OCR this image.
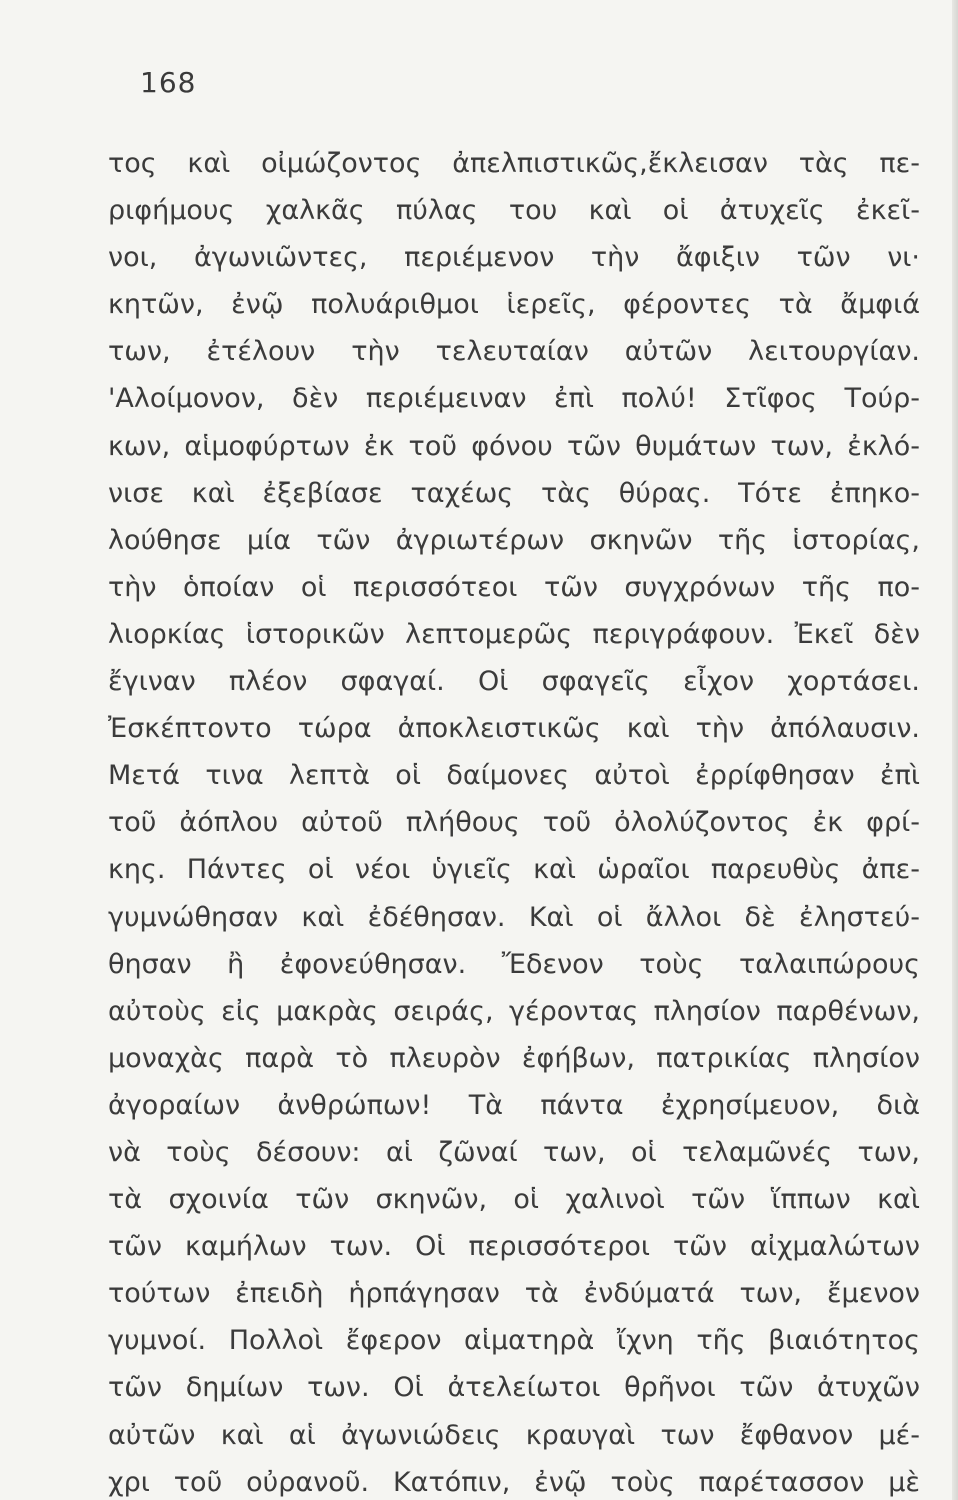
168
τος καὶ οἰμώζοντος ἀπελπιστικῶς,ἔκλεισαν τὰς πε-
ριφήμους χαλκᾶς πύλας του καὶ οἱ ἀτυχεῖς ἐκεῖ-
νοι, ἀγωνιῶντες, περιέμενον τὴν ἄφιξιν τῶν νι·
κητῶν, ἐνῷ πολυάριθμοι ἱερεῖς, φέροντες τὰ ἄμφιά
των, ἐτέλουν τὴν τελευταίαν αὐτῶν λειτουργίαν.
'Αλοίμονον, δὲν περιέμειναν ἐπὶ πολύ! Στῖφος Τούρ-
κων, αἱμοφύρτων ἐκ τοῦ φόνου τῶν θυμάτων των, ἐκλό-
νισε καὶ ἐξεβίασε ταχέως τὰς θύρας. Τότε ἐπηκο-
λούθησε μία τῶν ἀγριωτέρων σκηνῶν τῆς ἱστορίας,
τὴν ὁποίαν οἱ περισσότεοι τῶν συγχρόνων τῆς πο-
λιορκίας ἱστορικῶν λεπτομερῶς περιγράφουν. Ἐκεῖ δὲν
ἔγιναν πλέον σφαγαί. Οἱ σφαγεῖς εἶχον χορτάσει.
Ἐσκέπτοντο τώρα ἀποκλειστικῶς καὶ τὴν ἀπόλαυσιν.
Μετά τινα λεπτὰ οἱ δαίμονες αὐτοὶ ἐρρίφθησαν ἐπὶ
τοῦ ἀόπλου αὐτοῦ πλήθους τοῦ ὀλολύζοντος ἐκ φρί-
κης. Πάντες οἱ νέοι ὑγιεῖς καὶ ὡραῖοι παρευθὺς ἀπε-
γυμνώθησαν καὶ ἐδέθησαν. Καὶ οἱ ἄλλοι δὲ ἐληστεύ-
θησαν ἢ ἐφονεύθησαν. Ἔδενον τοὺς ταλαιπώρους
αὐτοὺς εἰς μακρὰς σειράς, γέροντας πλησίον παρθένων,
μοναχὰς παρὰ τὸ πλευρὸν ἐφήβων, πατρικίας πλησίον
ἀγοραίων ἀνθρώπων! Τὰ πάντα ἐχρησίμευον, διὰ
νὰ τοὺς δέσουν: αἱ ζῶναί των, οἱ τελαμῶνές των,
τὰ σχοινία τῶν σκηνῶν, οἱ χαλινοὶ τῶν ἵππων καὶ
τῶν καμήλων των. Οἱ περισσότεροι τῶν αἰχμαλώτων
τούτων ἐπειδὴ ἡρπάγησαν τὰ ἐνδύματά των, ἔμενον
γυμνοί. Πολλοὶ ἔφερον αἱματηρὰ ἴχνη τῆς βιαιότητος
τῶν δημίων των. Οἱ ἀτελείωτοι θρῆνοι τῶν ἀτυχῶν
αὐτῶν καὶ αἱ ἀγωνιώδεις κραυγαὶ των ἔφθανον μέ-
χρι τοῦ οὐρανοῦ. Κατόπιν, ἐνῷ τοὺς παρέτασσον μὲ
